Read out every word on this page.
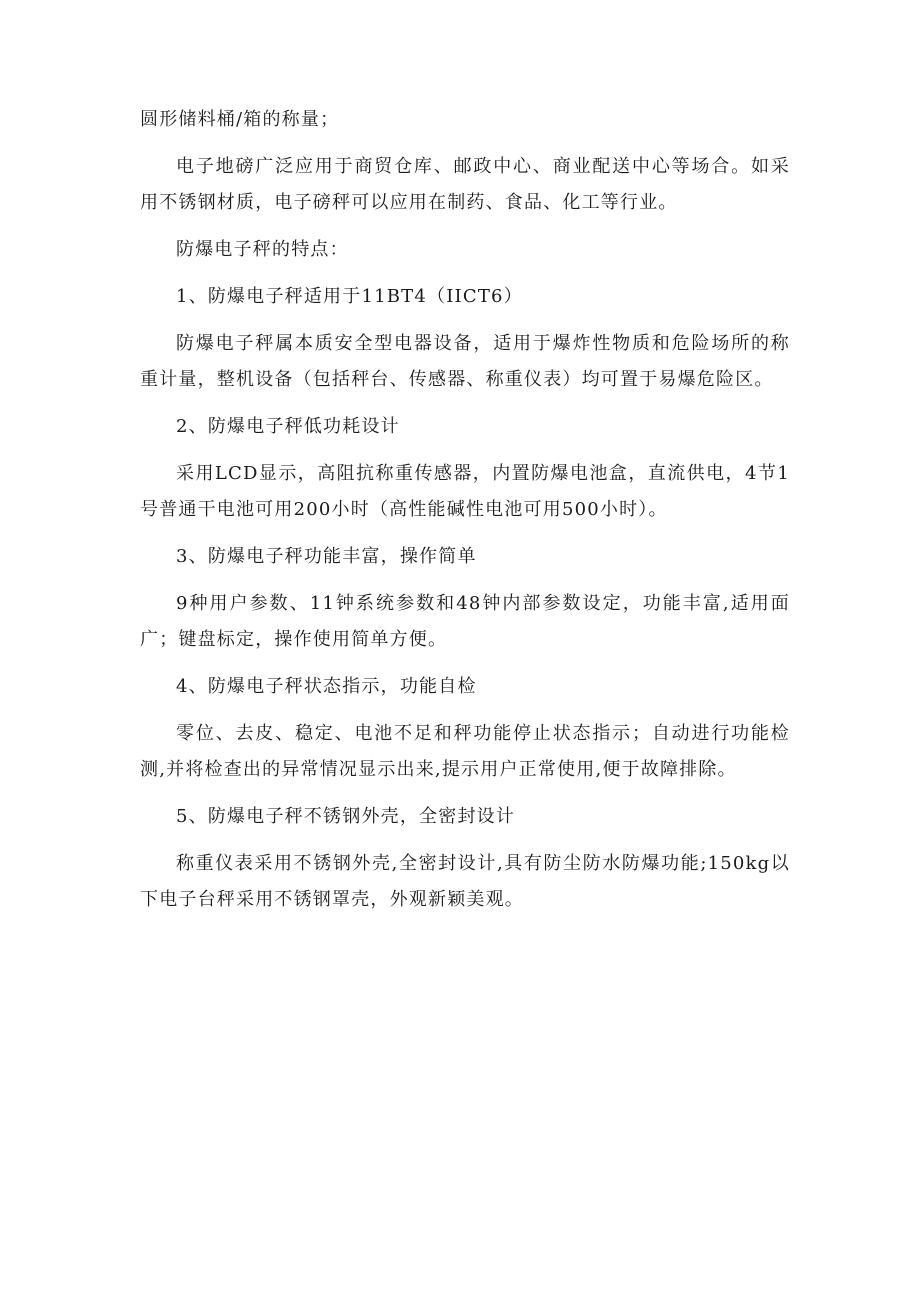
圆形储料桶/箱的称量；

电子地磅广泛应用于商贸仓库、邮政中心、商业配送中心等场合。如采用不锈钢材质，电子磅秤可以应用在制药、食品、化工等行业。

防爆电子秤的特点：

1、防爆电子秤适用于11BT4（IICT6）

防爆电子秤属本质安全型电器设备，适用于爆炸性物质和危险场所的称重计量，整机设备（包括秤台、传感器、称重仪表）均可置于易爆危险区。

2、防爆电子秤低功耗设计

采用LCD显示，高阻抗称重传感器，内置防爆电池盒，直流供电，4节1号普通干电池可用200小时（高性能碱性电池可用500小时）。

3、防爆电子秤功能丰富，操作简单

9种用户参数、11钟系统参数和48钟内部参数设定，功能丰富,适用面广；键盘标定，操作使用简单方便。

4、防爆电子秤状态指示，功能自检

零位、去皮、稳定、电池不足和秤功能停止状态指示；自动进行功能检测,并将检查出的异常情况显示出来,提示用户正常使用,便于故障排除。

5、防爆电子秤不锈钢外壳，全密封设计

称重仪表采用不锈钢外壳,全密封设计,具有防尘防水防爆功能;150kg以下电子台秤采用不锈钢罩壳，外观新颖美观。
